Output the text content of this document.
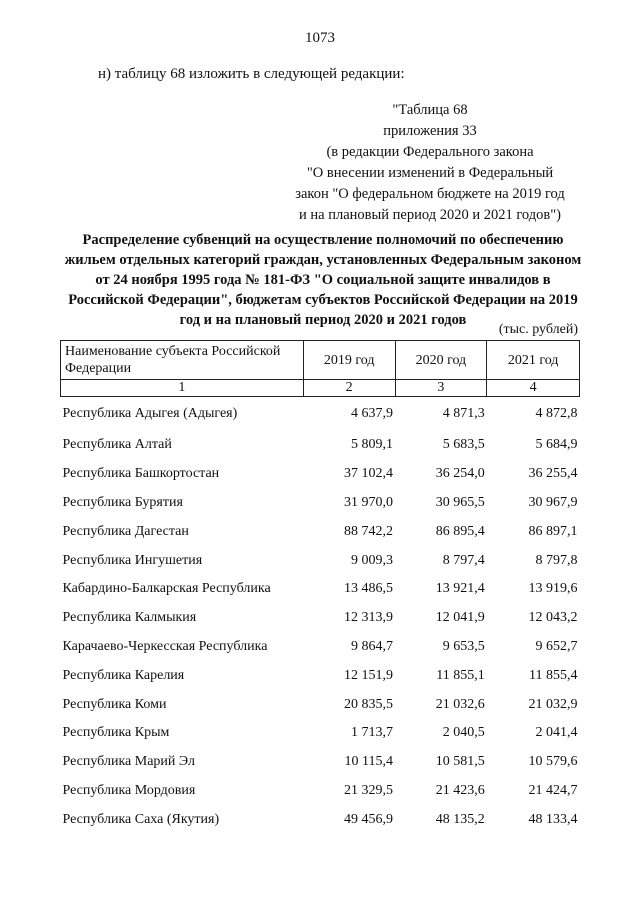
1073
н) таблицу 68 изложить в следующей редакции:
"Таблица 68
приложения 33
(в редакции Федерального закона
"О внесении изменений в Федеральный
закон "О федеральном бюджете на 2019 год
и на плановый период 2020 и 2021 годов")
Распределение субвенций на осуществление полномочий по обеспечению жильем отдельных категорий граждан, установленных Федеральным законом от 24 ноября 1995 года № 181-ФЗ "О социальной защите инвалидов в Российской Федерации", бюджетам субъектов Российской Федерации на 2019 год и на плановый период 2020 и 2021 годов
(тыс. рублей)
Наименование субъекта Российской Федерации	2019 год	2020 год	2021 год
1	2	3	4
Республика Адыгея (Адыгея)	4 637,9	4 871,3	4 872,8
Республика Алтай	5 809,1	5 683,5	5 684,9
Республика Башкортостан	37 102,4	36 254,0	36 255,4
Республика Бурятия	31 970,0	30 965,5	30 967,9
Республика Дагестан	88 742,2	86 895,4	86 897,1
Республика Ингушетия	9 009,3	8 797,4	8 797,8
Кабардино-Балкарская Республика	13 486,5	13 921,4	13 919,6
Республика Калмыкия	12 313,9	12 041,9	12 043,2
Карачаево-Черкесская Республика	9 864,7	9 653,5	9 652,7
Республика Карелия	12 151,9	11 855,1	11 855,4
Республика Коми	20 835,5	21 032,6	21 032,9
Республика Крым	1 713,7	2 040,5	2 041,4
Республика Марий Эл	10 115,4	10 581,5	10 579,6
Республика Мордовия	21 329,5	21 423,6	21 424,7
Республика Саха (Якутия)	49 456,9	48 135,2	48 133,4
